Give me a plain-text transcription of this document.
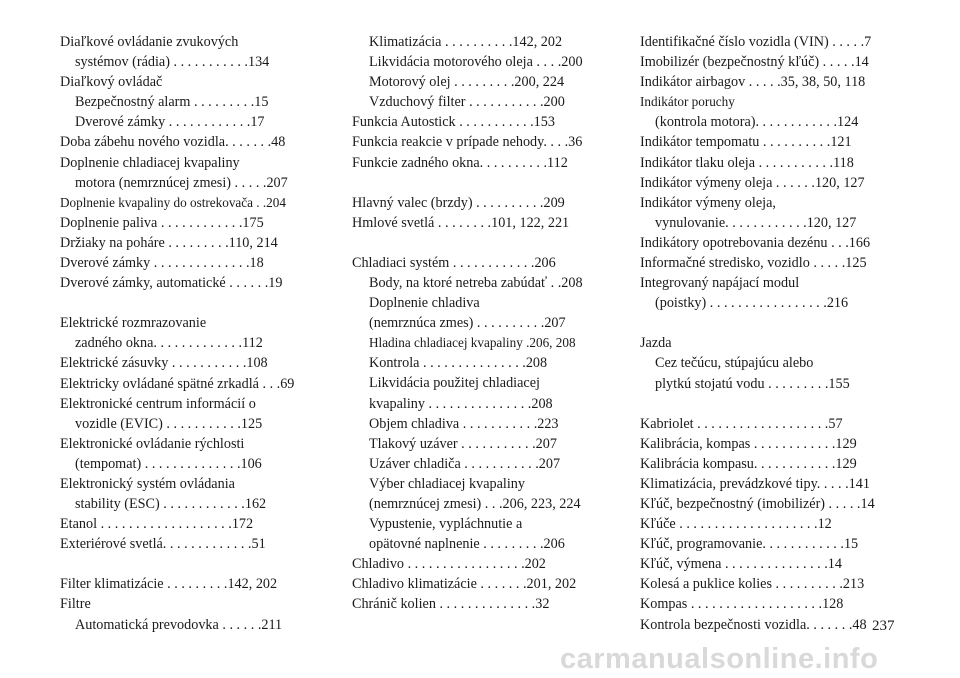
Diaľkové ovládanie zvukových
systémov (rádia) . . . . . . . . . . .134
Diaľkový ovládač
Bezpečnostný alarm . . . . . . . . .15
Dverové zámky . . . . . . . . . . . .17
Doba zábehu nového vozidla. . . . . . .48
Doplnenie chladiacej kvapaliny
motora (nemrznúcej zmesi) . . . . .207
Doplnenie kvapaliny do ostrekovača . .204
Doplnenie paliva . . . . . . . . . . . .175
Držiaky na poháre . . . . . . . . .110, 214
Dverové zámky . . . . . . . . . . . . . .18
Dverové zámky, automatické . . . . . .19
Elektrické rozmrazovanie
zadného okna. . . . . . . . . . . . .112
Elektrické zásuvky . . . . . . . . . . .108
Elektricky ovládané spätné zrkadlá . . .69
Elektronické centrum informácií o
vozidle (EVIC) . . . . . . . . . . .125
Elektronické ovládanie rýchlosti
(tempomat) . . . . . . . . . . . . . .106
Elektronický systém ovládania
stability (ESC) . . . . . . . . . . . .162
Etanol . . . . . . . . . . . . . . . . . . .172
Exteriérové svetlá. . . . . . . . . . . . .51
Filter klimatizácie . . . . . . . . .142, 202
Filtre
Automatická prevodovka . . . . . .211
Klimatizácia . . . . . . . . . .142, 202
Likvidácia motorového oleja . . . .200
Motorový olej . . . . . . . . .200, 224
Vzduchový filter . . . . . . . . . . .200
Funkcia Autostick . . . . . . . . . . .153
Funkcia reakcie v prípade nehody. . . .36
Funkcie zadného okna. . . . . . . . . .112
Hlavný valec (brzdy) . . . . . . . . . .209
Hmlové svetlá . . . . . . . .101, 122, 221
Chladiaci systém . . . . . . . . . . . .206
Body, na ktoré netreba zabúdať . .208
Doplnenie chladiva
(nemrznúca zmes) . . . . . . . . . .207
Hladina chladiacej kvapaliny .206, 208
Kontrola . . . . . . . . . . . . . . .208
Likvidácia použitej chladiacej
kvapaliny . . . . . . . . . . . . . . .208
Objem chladiva . . . . . . . . . . .223
Tlakový uzáver . . . . . . . . . . .207
Uzáver chladiča . . . . . . . . . . .207
Výber chladiacej kvapaliny
(nemrznúcej zmesi) . . .206, 223, 224
Vypustenie, vypláchnutie a
opätovné naplnenie . . . . . . . . .206
Chladivo . . . . . . . . . . . . . . . . .202
Chladivo klimatizácie . . . . . . .201, 202
Chránič kolien . . . . . . . . . . . . . .32
Identifikačné číslo vozidla (VIN) . . . . .7
Imobilizér (bezpečnostný kľúč) . . . . .14
Indikátor airbagov . . . . .35, 38, 50, 118
Indikátor poruchy
(kontrola motora). . . . . . . . . . . .124
Indikátor tempomatu . . . . . . . . . .121
Indikátor tlaku oleja . . . . . . . . . . .118
Indikátor výmeny oleja . . . . . .120, 127
Indikátor výmeny oleja,
vynulovanie. . . . . . . . . . . .120, 127
Indikátory opotrebovania dezénu . . .166
Informačné stredisko, vozidlo . . . . .125
Integrovaný napájací modul
(poistky) . . . . . . . . . . . . . . . . .216
Jazda
Cez tečúcu, stúpajúcu alebo
plytkú stojatú vodu . . . . . . . . .155
Kabriolet . . . . . . . . . . . . . . . . . . .57
Kalibrácia, kompas . . . . . . . . . . . .129
Kalibrácia kompasu. . . . . . . . . . . .129
Klimatizácia, prevádzkové tipy. . . . .141
Kľúč, bezpečnostný (imobilizér) . . . . .14
Kľúče . . . . . . . . . . . . . . . . . . . .12
Kľúč, programovanie. . . . . . . . . . . .15
Kľúč, výmena . . . . . . . . . . . . . . .14
Kolesá a puklice kolies . . . . . . . . . .213
Kompas . . . . . . . . . . . . . . . . . . .128
Kontrola bezpečnosti vozidla. . . . . . .48 237
carmanualsonline.info
